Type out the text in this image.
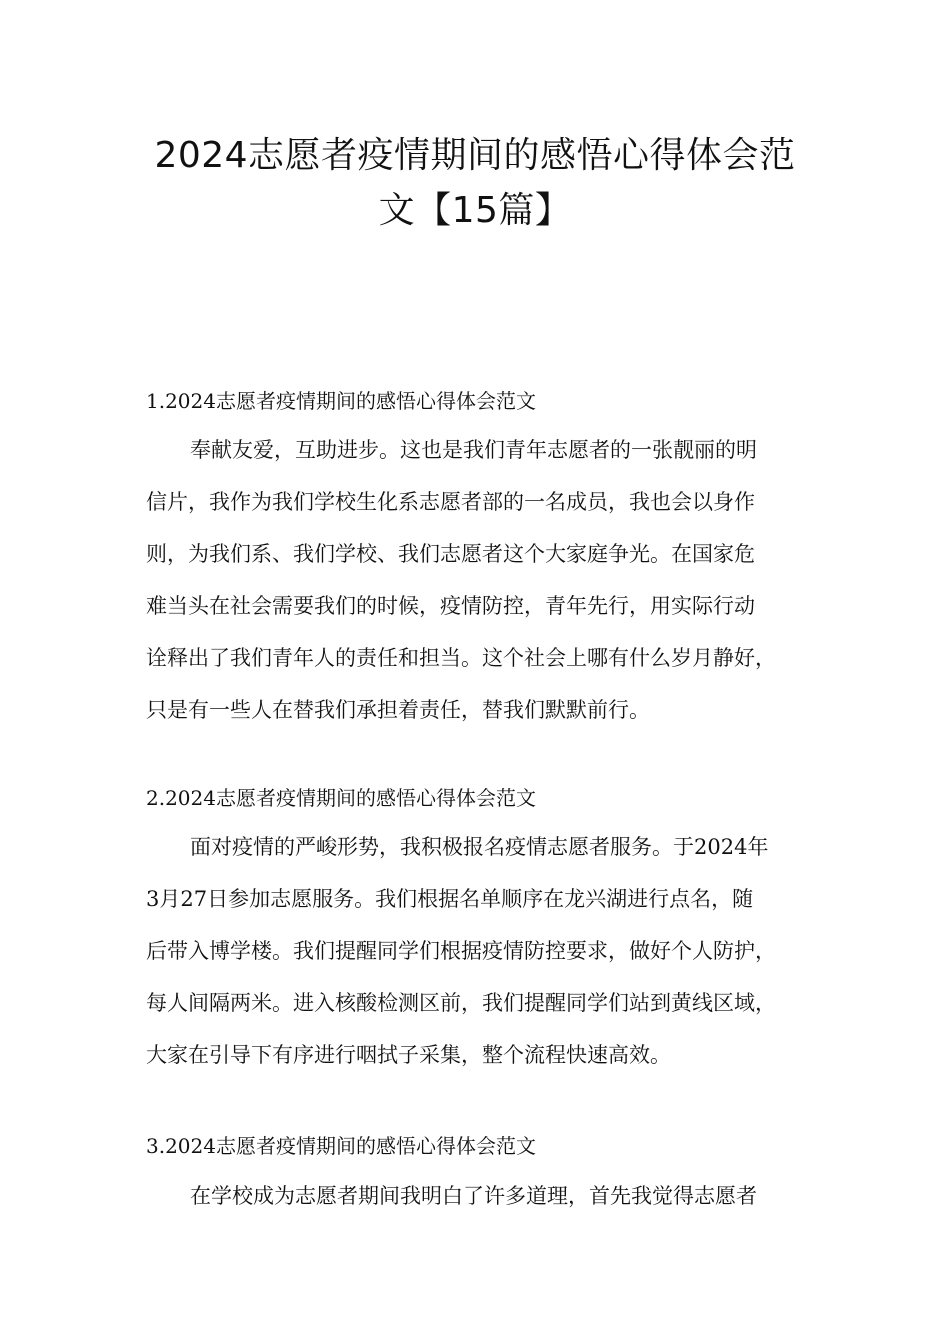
2024志愿者疫情期间的感悟心得体会范
文【15篇】
1.2024志愿者疫情期间的感悟心得体会范文
奉献友爱，互助进步。这也是我们青年志愿者的一张靓丽的明
信片，我作为我们学校生化系志愿者部的一名成员，我也会以身作
则，为我们系、我们学校、我们志愿者这个大家庭争光。在国家危
难当头在社会需要我们的时候，疫情防控，青年先行，用实际行动
诠释出了我们青年人的责任和担当。这个社会上哪有什么岁月静好，
只是有一些人在替我们承担着责任，替我们默默前行。
2.2024志愿者疫情期间的感悟心得体会范文
面对疫情的严峻形势，我积极报名疫情志愿者服务。于2024年
3月27日参加志愿服务。我们根据名单顺序在龙兴湖进行点名，随
后带入博学楼。我们提醒同学们根据疫情防控要求，做好个人防护，
每人间隔两米。进入核酸检测区前，我们提醒同学们站到黄线区域，
大家在引导下有序进行咽拭子采集，整个流程快速高效。
3.2024志愿者疫情期间的感悟心得体会范文
在学校成为志愿者期间我明白了许多道理，首先我觉得志愿者
